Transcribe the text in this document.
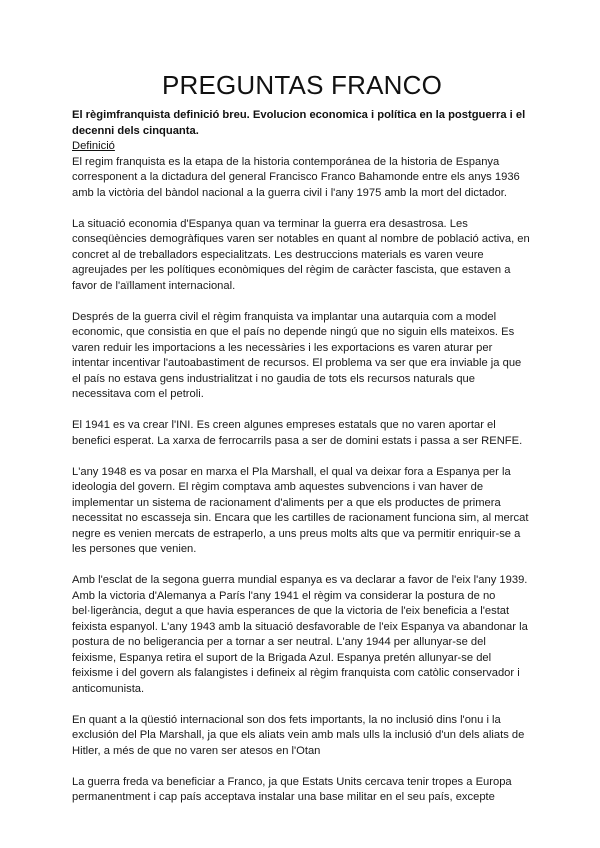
PREGUNTAS FRANCO

El règimfranquista definició breu. Evolucion economica i política en la postguerra i el decenni dels cinquanta.

Definició

El regim franquista es la etapa de la historia contemporánea de la historia de Espanya corresponent a la dictadura del general Francisco Franco Bahamonde entre els anys 1936 amb la victòria del bàndol nacional a la guerra civil i l'any 1975 amb la mort del dictador.

La situació economia d'Espanya quan va terminar la guerra era desastrosa. Les conseqüències demogràfiques varen ser notables en quant al nombre de població activa, en concret al de treballadors especialitzats. Les destruccions materials es varen veure agreujades per les polítiques econòmiques del règim de caràcter fascista, que estaven a favor de l'aïllament internacional.

Després de la guerra civil el règim franquista va implantar una autarquia com a model economic, que consistia en que el país no depende ningú que no siguin ells mateixos. Es varen reduir les importacions a les necessàries i les exportacions es varen aturar per intentar incentivar l'autoabastiment de recursos. El problema va ser que era inviable ja que el país no estava gens industrialitzat i no gaudia de tots els recursos naturals que necessitava com el petroli.

El 1941 es va crear l'INI. Es creen algunes empreses estatals que no varen aportar el benefici esperat. La xarxa de ferrocarrils pasa a ser de domini estats i passa a ser RENFE.

L'any 1948 es va posar en marxa el Pla Marshall, el qual va deixar fora a Espanya per la ideologia del govern. El règim comptava amb aquestes subvencions i van haver de implementar un sistema de racionament d'aliments per a que els productes de primera necessitat no escasseja sin. Encara que les cartilles de racionament funciona sim, al mercat negre es venien mercats de estraperlo, a uns preus molts alts que va permitir enriquir-se a les persones que venien.

Amb l'esclat de la segona guerra mundial espanya es va declarar a favor de l'eix l'any 1939. Amb la victoria d'Alemanya a París l'any 1941 el règim va considerar la postura de no bel·ligerància, degut a que havia esperances de que la victoria de l'eix beneficia a l'estat feixista espanyol. L'any 1943 amb la situació desfavorable de l'eix Espanya va abandonar la postura de no beligerancia per a tornar a ser neutral. L'any 1944 per allunyar-se del feixisme, Espanya retira el suport de la Brigada Azul. Espanya pretén allunyar-se del feixisme i del govern als falangistes i defineix al règim franquista com catòlic conservador i anticomunista.

En quant a la qüestió internacional son dos fets importants, la no inclusió dins l'onu i la exclusión del Pla Marshall, ja que els aliats vein amb mals ulls la inclusió d'un dels aliats de Hitler, a més de que no varen ser atesos en l'Otan

La guerra freda va beneficiar a Franco, ja que Estats Units cercava tenir tropes a Europa permanentment i cap país acceptava instalar una base militar en el seu país, excepte
